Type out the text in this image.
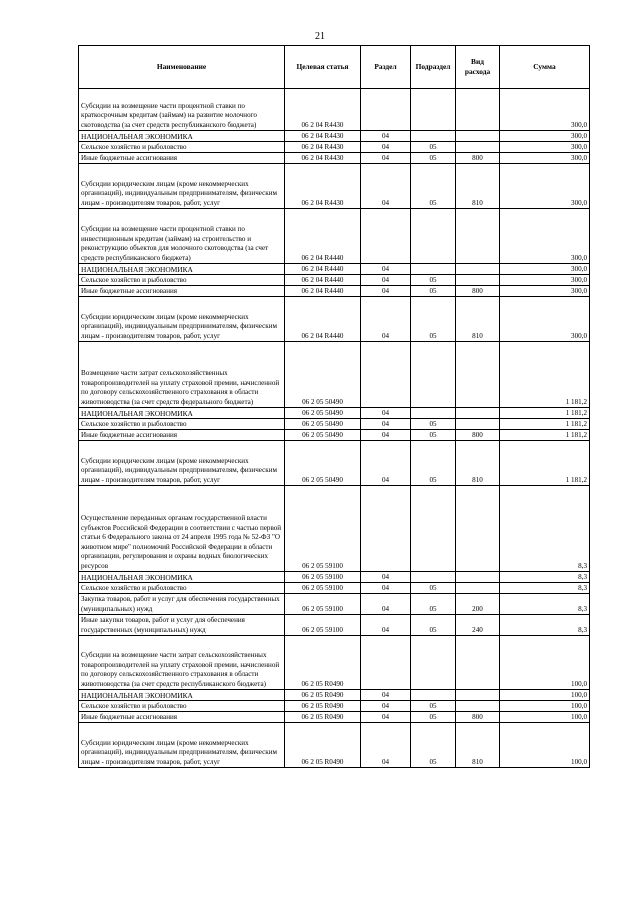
21
Наименование	Целевая статья	Раздел	Подраздел	Вид расхода	Сумма
Субсидии на возмещение части процентной ставки по краткосрочным кредитам (займам) на развитие молочного скотоводства (за счет средств республиканского бюджета)	06 2 04 R4430				300,0
НАЦИОНАЛЬНАЯ ЭКОНОМИКА	06 2 04 R4430	04			300,0
Сельское хозяйство и рыболовство	06 2 04 R4430	04	05		300,0
Иные бюджетные ассигнования	06 2 04 R4430	04	05	800	300,0
Субсидии юридическим лицам (кроме некоммерческих организаций), индивидуальным предпринимателям, физическим лицам - производителям товаров, работ, услуг	06 2 04 R4430	04	05	810	300,0
Субсидии на возмещение части процентной ставки по инвестиционным кредитам (займам) на строительство и реконструкцию объектов для молочного скотоводства (за счет средств республиканского бюджета)	06 2 04 R4440				300,0
НАЦИОНАЛЬНАЯ ЭКОНОМИКА	06 2 04 R4440	04			300,0
Сельское хозяйство и рыболовство	06 2 04 R4440	04	05		300,0
Иные бюджетные ассигнования	06 2 04 R4440	04	05	800	300,0
Субсидии юридическим лицам (кроме некоммерческих организаций), индивидуальным предпринимателям, физическим лицам - производителям товаров, работ, услуг	06 2 04 R4440	04	05	810	300,0
Возмещение части затрат сельскохозяйственных товаропроизводителей на уплату страховой премии, начисленной по договору сельскохозяйственного страхования в области животноводства (за счет средств федерального бюджета)	06 2 05 50490				1 181,2
НАЦИОНАЛЬНАЯ ЭКОНОМИКА	06 2 05 50490	04			1 181,2
Сельское хозяйство и рыболовство	06 2 05 50490	04	05		1 181,2
Иные бюджетные ассигнования	06 2 05 50490	04	05	800	1 181,2
Субсидии юридическим лицам (кроме некоммерческих организаций), индивидуальным предпринимателям, физическим лицам - производителям товаров, работ, услуг	06 2 05 50490	04	05	810	1 181,2
Осуществление переданных органам государственной власти субъектов Российской Федерации в соответствии с частью первой статьи 6 Федерального закона от 24 апреля 1995 года № 52-ФЗ "О животном мире" полномочий Российской Федерации в области организации, регулирования и охраны водных биологических ресурсов	06 2 05 59100				8,3
НАЦИОНАЛЬНАЯ ЭКОНОМИКА	06 2 05 59100	04			8,3
Сельское хозяйство и рыболовство	06 2 05 59100	04	05		8,3
Закупка товаров, работ и услуг для обеспечения государственных (муниципальных) нужд	06 2 05 59100	04	05	200	8,3
Иные закупки товаров, работ и услуг для обеспечения государственных (муниципальных) нужд	06 2 05 59100	04	05	240	8,3
Субсидии на возмещение части затрат сельскохозяйственных товаропроизводителей на уплату страховой премии, начисленной по договору сельскохозяйственного страхования в области животноводства (за счет средств республиканского бюджета)	06 2 05 R0490				100,0
НАЦИОНАЛЬНАЯ ЭКОНОМИКА	06 2 05 R0490	04			100,0
Сельское хозяйство и рыболовство	06 2 05 R0490	04	05		100,0
Иные бюджетные ассигнования	06 2 05 R0490	04	05	800	100,0
Субсидии юридическим лицам (кроме некоммерческих организаций), индивидуальным предпринимателям, физическим лицам - производителям товаров, работ, услуг	06 2 05 R0490	04	05	810	100,0
